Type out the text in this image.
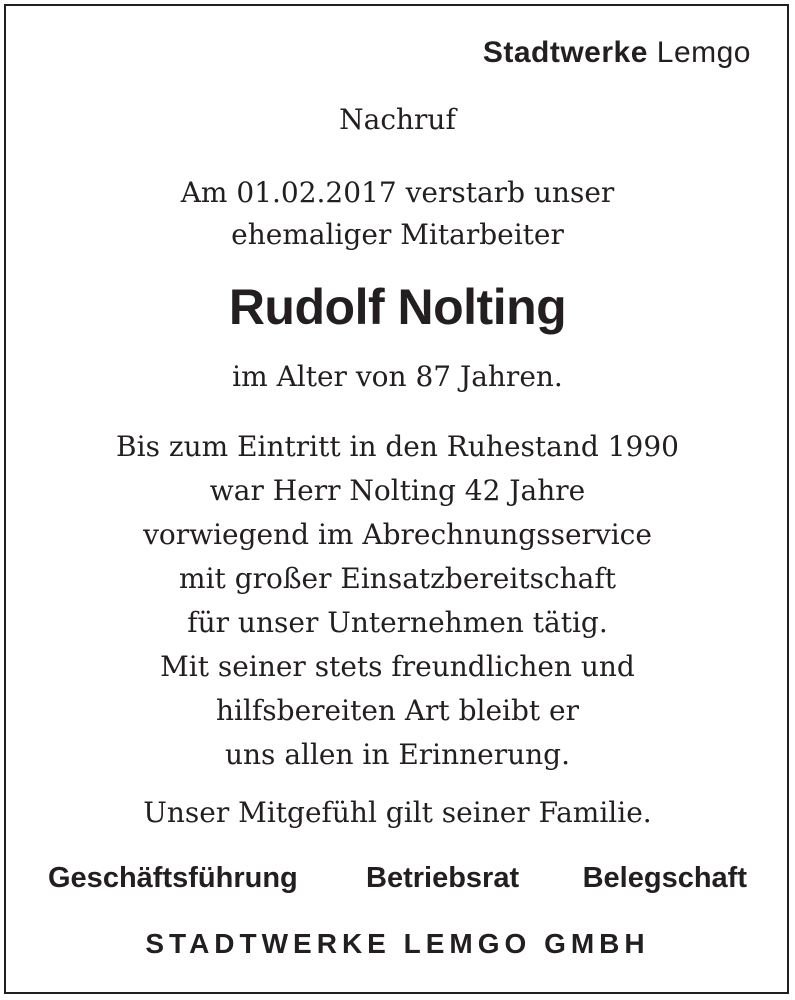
Stadtwerke Lemgo
Nachruf
Am 01.02.2017 verstarb unser
ehemaliger Mitarbeiter
Rudolf Nolting
im Alter von 87 Jahren.
Bis zum Eintritt in den Ruhestand 1990
war Herr Nolting 42 Jahre
vorwiegend im Abrechnungsservice
mit großer Einsatzbereitschaft
für unser Unternehmen tätig.
Mit seiner stets freundlichen und
hilfsbereiten Art bleibt er
uns allen in Erinnerung.
Unser Mitgefühl gilt seiner Familie.
Geschäftsführung Betriebsrat Belegschaft
STADTWERKE LEMGO GMBH
